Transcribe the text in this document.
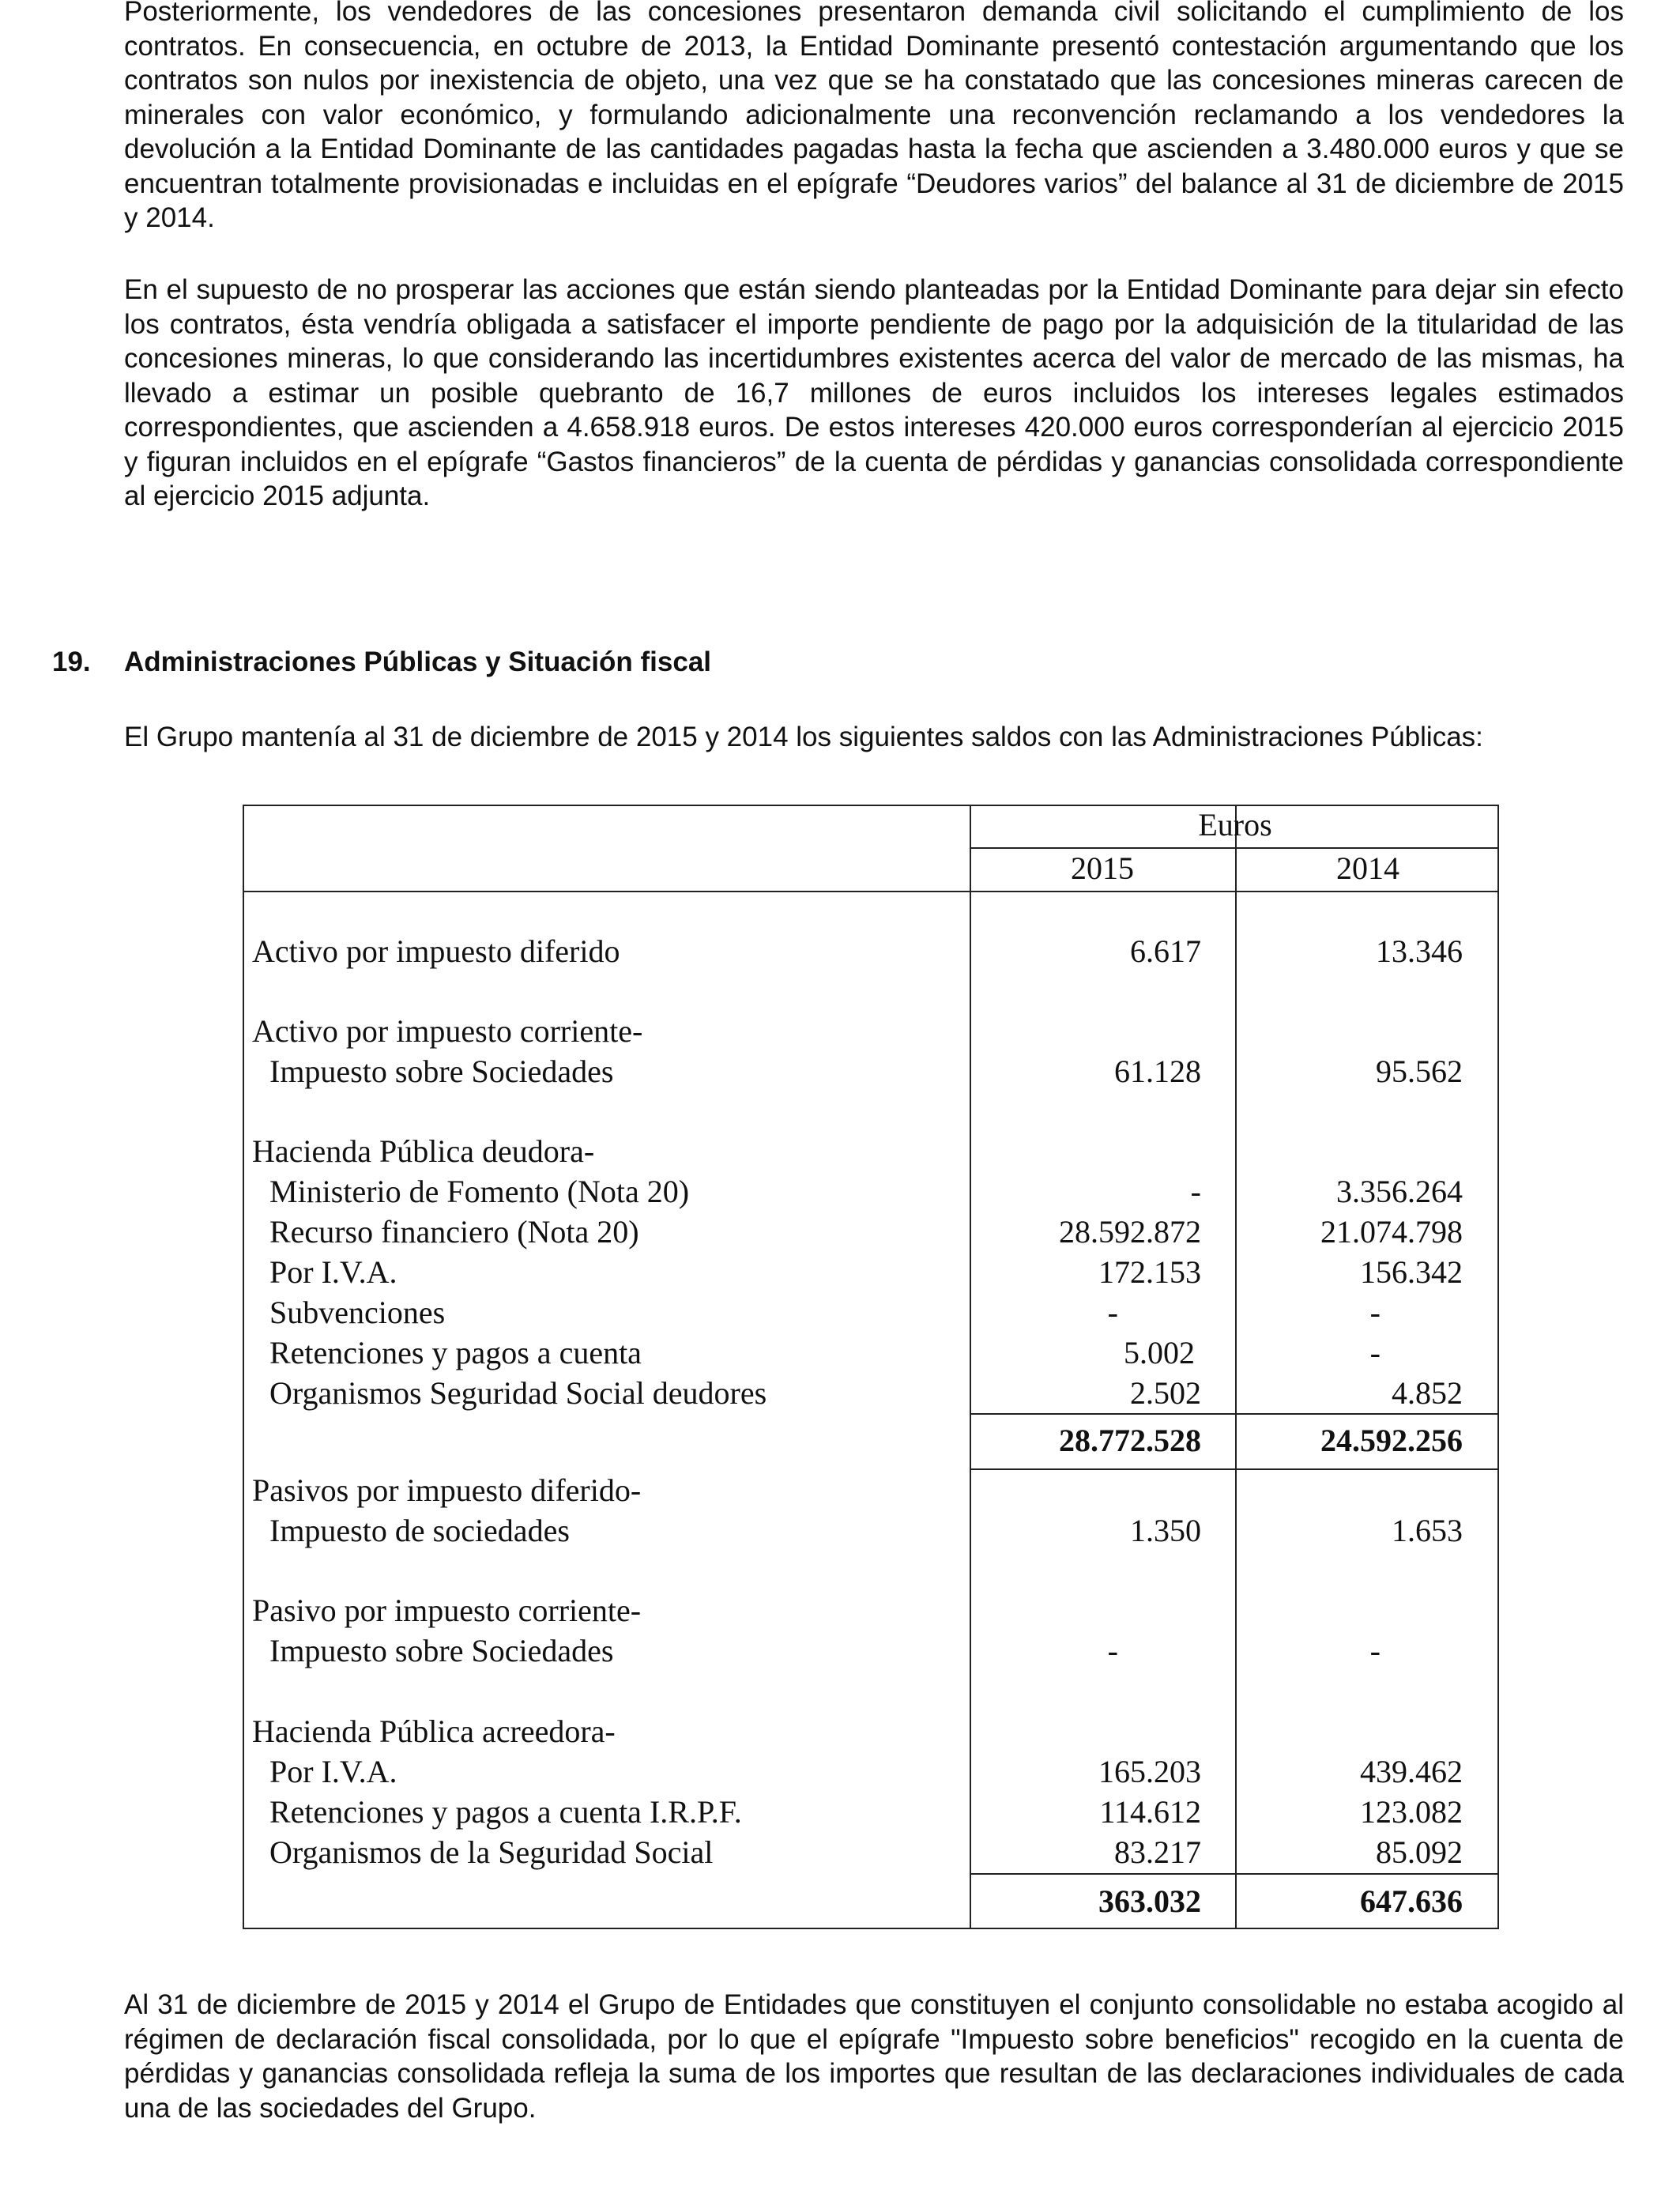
Posteriormente, los vendedores de las concesiones presentaron demanda civil solicitando el cumplimiento de los contratos. En consecuencia, en octubre de 2013, la Entidad Dominante presentó contestación argumentando que los contratos son nulos por inexistencia de objeto, una vez que se ha constatado que las concesiones mineras carecen de minerales con valor económico, y formulando adicionalmente una reconvención reclamando a los vendedores la devolución a la Entidad Dominante de las cantidades pagadas hasta la fecha que ascienden a 3.480.000 euros y que se encuentran totalmente provisionadas e incluidas en el epígrafe “Deudores varios” del balance al 31 de diciembre de 2015 y 2014.

En el supuesto de no prosperar las acciones que están siendo planteadas por la Entidad Dominante para dejar sin efecto los contratos, ésta vendría obligada a satisfacer el importe pendiente de pago por la adquisición de la titularidad de las concesiones mineras, lo que considerando las incertidumbres existentes acerca del valor de mercado de las mismas, ha llevado a estimar un posible quebranto de 16,7 millones de euros incluidos los intereses legales estimados correspondientes, que ascienden a 4.658.918 euros. De estos intereses 420.000 euros corresponderían al ejercicio 2015 y figuran incluidos en el epígrafe “Gastos financieros” de la cuenta de pérdidas y ganancias consolidada correspondiente al ejercicio 2015 adjunta.

19. Administraciones Públicas y Situación fiscal

El Grupo mantenía al 31 de diciembre de 2015 y 2014 los siguientes saldos con las Administraciones Públicas:

Euros
2015	2014
Activo por impuesto diferido	6.617	13.346
Activo por impuesto corriente-
Impuesto sobre Sociedades	61.128	95.562
Hacienda Pública deudora-
Ministerio de Fomento (Nota 20)	-	3.356.264
Recurso financiero (Nota 20)	28.592.872	21.074.798
Por I.V.A.	172.153	156.342
Subvenciones	-	-
Retenciones y pagos a cuenta	5.002	-
Organismos Seguridad Social deudores	2.502	4.852
28.772.528	24.592.256
Pasivos por impuesto diferido-
Impuesto de sociedades	1.350	1.653
Pasivo por impuesto corriente-
Impuesto sobre Sociedades	-	-
Hacienda Pública acreedora-
Por I.V.A.	165.203	439.462
Retenciones y pagos a cuenta I.R.P.F.	114.612	123.082
Organismos de la Seguridad Social	83.217	85.092
363.032	647.636

Al 31 de diciembre de 2015 y 2014 el Grupo de Entidades que constituyen el conjunto consolidable no estaba acogido al régimen de declaración fiscal consolidada, por lo que el epígrafe "Impuesto sobre beneficios" recogido en la cuenta de pérdidas y ganancias consolidada refleja la suma de los importes que resultan de las declaraciones individuales de cada una de las sociedades del Grupo.
